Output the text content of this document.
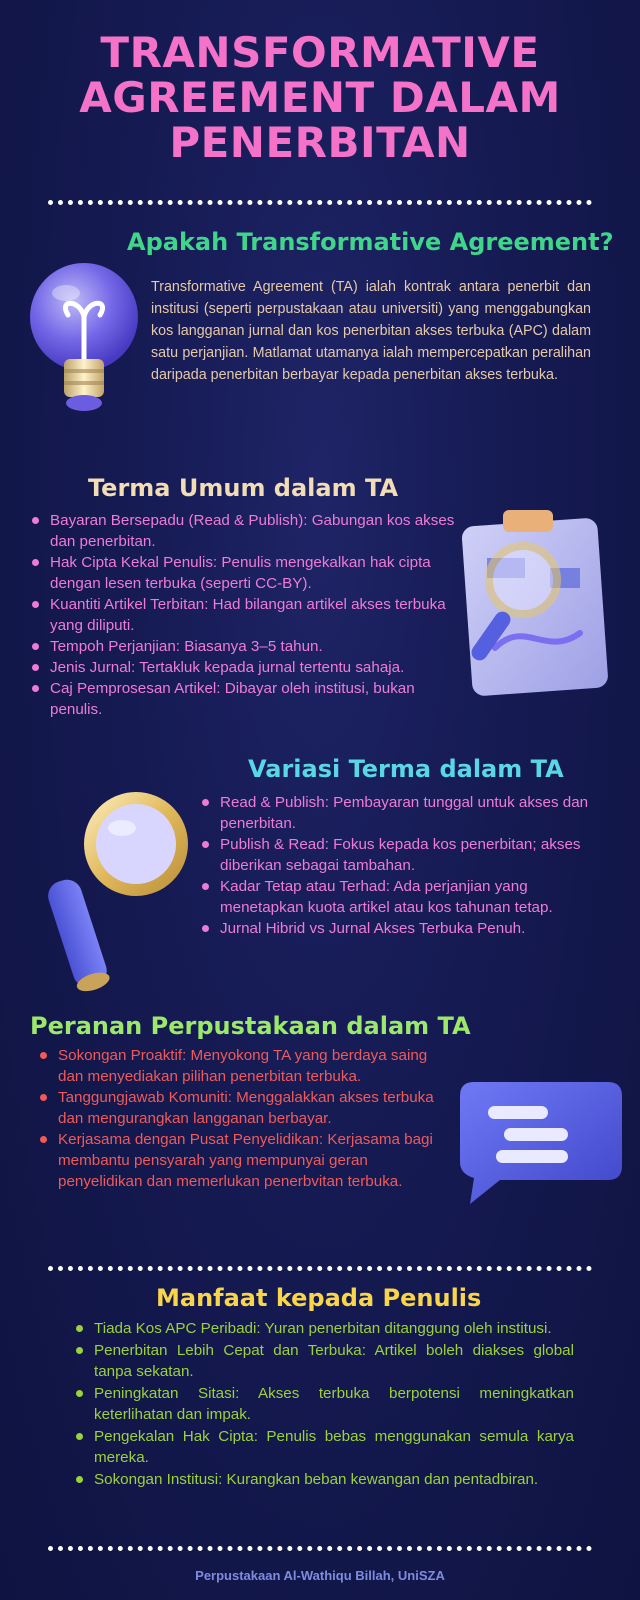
TRANSFORMATIVE
AGREEMENT DALAM
PENERBITAN
Apakah Transformative Agreement?
Transformative Agreement (TA) ialah kontrak antara penerbit dan institusi (seperti perpustakaan atau universiti) yang menggabungkan kos langganan jurnal dan kos penerbitan akses terbuka (APC) dalam satu perjanjian. Matlamat utamanya ialah mempercepatkan peralihan daripada penerbitan berbayar kepada penerbitan akses terbuka.
Terma Umum dalam TA
Bayaran Bersepadu (Read & Publish): Gabungan kos akses dan penerbitan.
Hak Cipta Kekal Penulis: Penulis mengekalkan hak cipta dengan lesen terbuka (seperti CC-BY).
Kuantiti Artikel Terbitan: Had bilangan artikel akses terbuka yang diliputi.
Tempoh Perjanjian: Biasanya 3–5 tahun.
Jenis Jurnal: Tertakluk kepada jurnal tertentu sahaja.
Caj Pemprosesan Artikel: Dibayar oleh institusi, bukan penulis.
Variasi Terma dalam TA
Read & Publish: Pembayaran tunggal untuk akses dan penerbitan.
Publish & Read: Fokus kepada kos penerbitan; akses diberikan sebagai tambahan.
Kadar Tetap atau Terhad: Ada perjanjian yang menetapkan kuota artikel atau kos tahunan tetap.
Jurnal Hibrid vs Jurnal Akses Terbuka Penuh.
Peranan Perpustakaan dalam TA
Sokongan Proaktif: Menyokong TA yang berdaya saing dan menyediakan pilihan penerbitan terbuka.
Tanggungjawab Komuniti: Menggalakkan akses terbuka dan mengurangkan langganan berbayar.
Kerjasama dengan Pusat Penyelidikan: Kerjasama bagi membantu pensyarah yang mempunyai geran penyelidikan dan memerlukan penerbvitan terbuka.
Manfaat kepada Penulis
Tiada Kos APC Peribadi: Yuran penerbitan ditanggung oleh institusi.
Penerbitan Lebih Cepat dan Terbuka: Artikel boleh diakses global tanpa sekatan.
Peningkatan Sitasi: Akses terbuka berpotensi meningkatkan keterlihatan dan impak.
Pengekalan Hak Cipta: Penulis bebas menggunakan semula karya mereka.
Sokongan Institusi: Kurangkan beban kewangan dan pentadbiran.
Perpustakaan Al-Wathiqu Billah, UniSZA
